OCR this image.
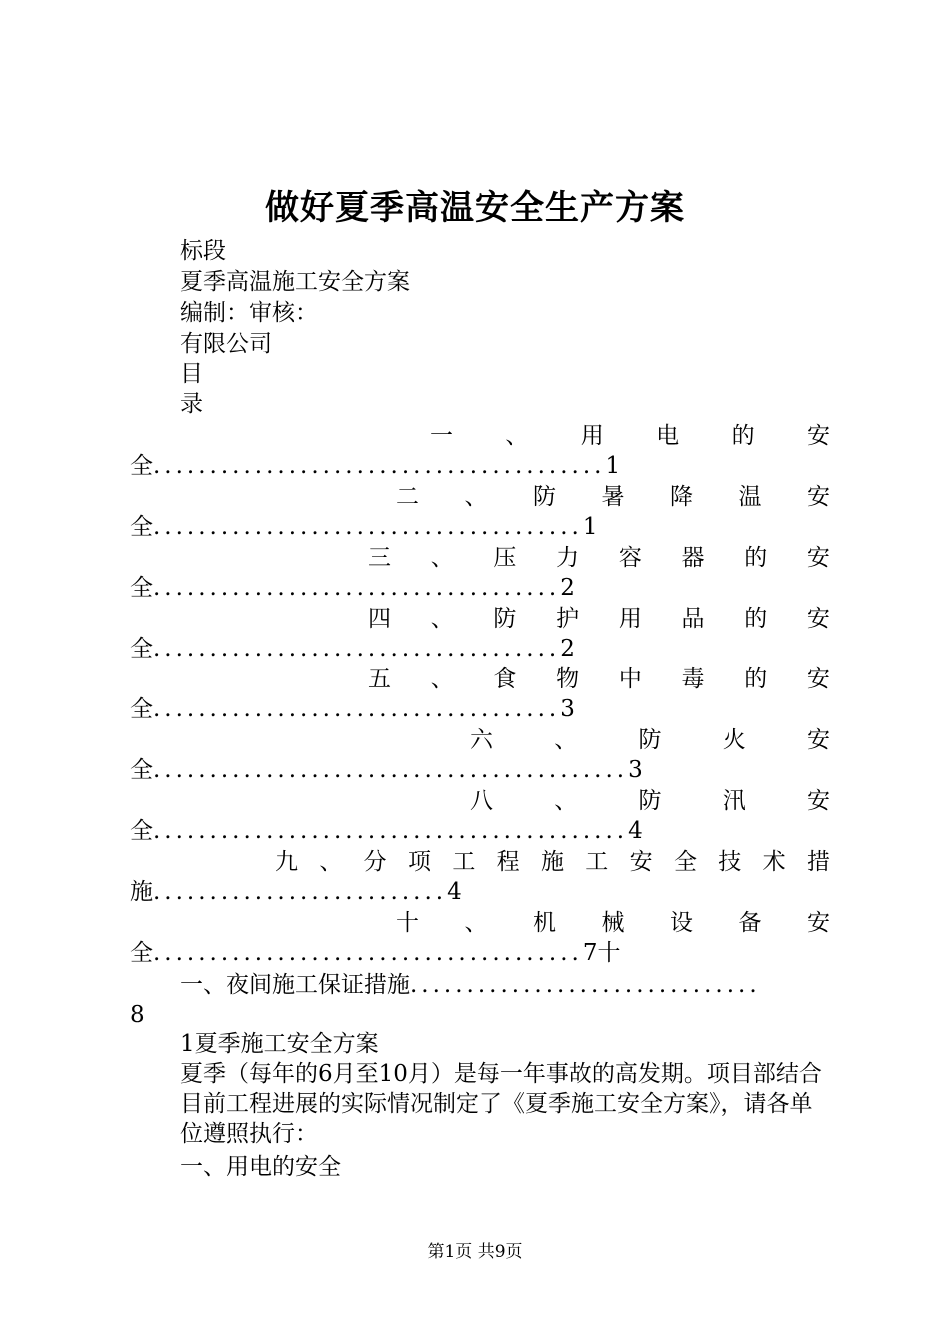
做好夏季高温安全生产方案
标段
夏季高温施工安全方案
编制：审核：
有限公司
目
录
一 、 用 电 的 安
全........................................1
二 、 防 暑 降 温 安
全......................................1
三 、 压 力 容 器 的 安
全....................................2
四 、 防 护 用 品 的 安
全....................................2
五 、 食 物 中 毒 的 安
全....................................3
六	、	防	火	安
全..........................................3
八	、	防	汛	安
全..........................................4
九 、 分 项 工 程 施 工 安 全 技 术 措
施..........................4
十 、 机 械 设 备 安
全......................................7十
一、夜间施工保证措施...............................
8
1夏季施工安全方案
夏季（每年的6月至10月）是每一年事故的高发期。项目部结合目前工程进展的实际情况制定了《夏季施工安全方案》，请各单位遵照执行：
一、用电的安全
第1页 共9页
